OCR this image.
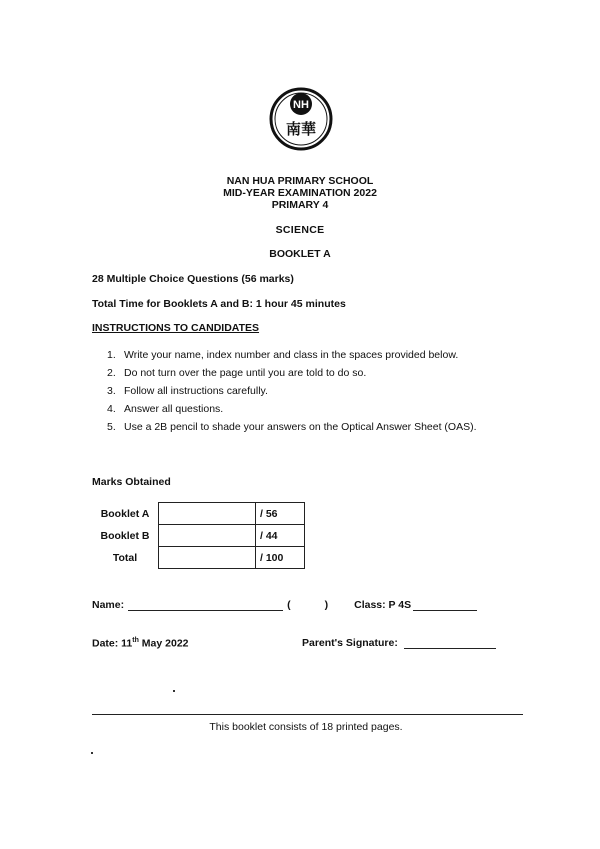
NH
南華
NAN HUA PRIMARY SCHOOL
MID-YEAR EXAMINATION 2022
PRIMARY 4
SCIENCE
BOOKLET A
28 Multiple Choice Questions (56 marks)
Total Time for Booklets A and B: 1 hour 45 minutes
INSTRUCTIONS TO CANDIDATES
1. Write your name, index number and class in the spaces provided below.
2. Do not turn over the page until you are told to do so.
3. Follow all instructions carefully.
4. Answer all questions.
5. Use a 2B pencil to shade your answers on the Optical Answer Sheet (OAS).
Marks Obtained
Booklet A		/ 56
Booklet B		/ 44
Total		/ 100
Name:	(	) Class: P 4S
Date: 11th May 2022	Parent's Signature:
This booklet consists of 18 printed pages.
